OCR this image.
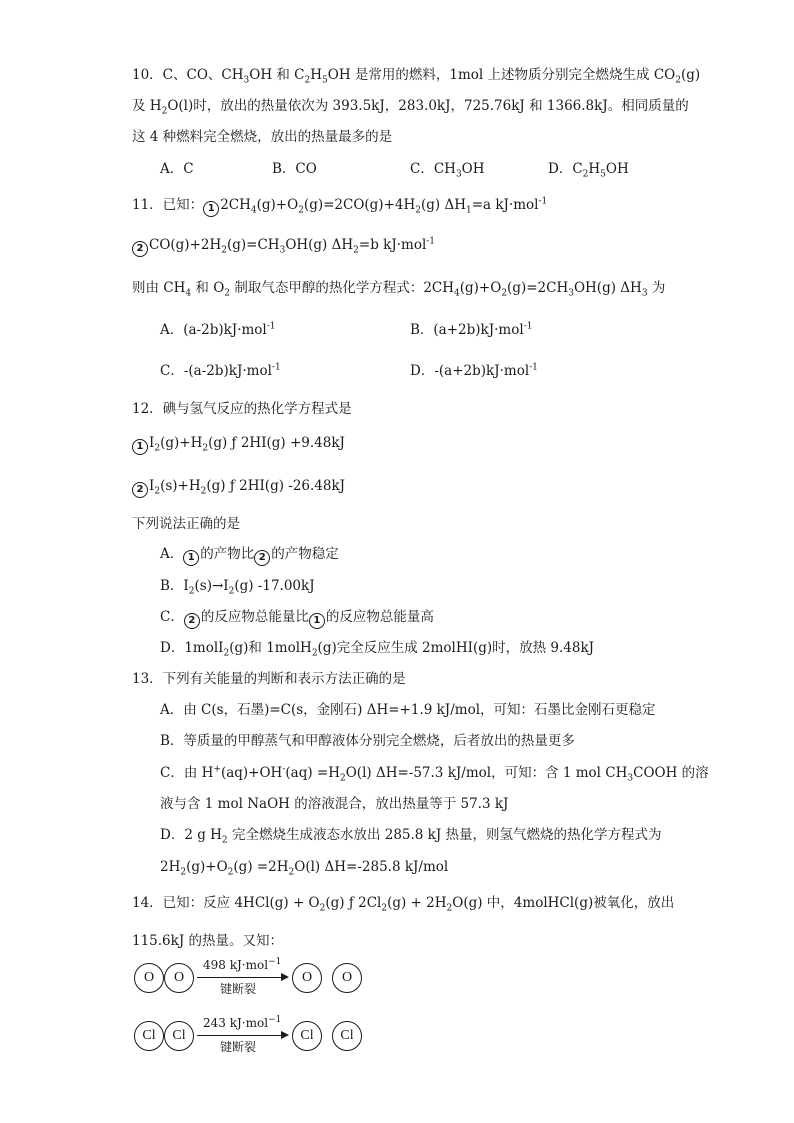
10．C、CO、$CH_3OH$ 和 $C_2H_5OH$ 是常用的燃料，1mol 上述物质分别完全燃烧生成 $CO_2(g)$
及 $H_2O(l)$时，放出的热量依次为 393.5kJ，283.0kJ，725.76kJ 和 1366.8kJ。相同质量的
这 4 种燃料完全燃烧，放出的热量最多的是
A．C	B．CO	C．$CH_3OH$	D．$C_2H_5OH$
11．已知： 1 $2CH_4(g)+O_2(g)=2CO(g)+4H_2(g)$ $\Delta H_1=a$ kJ·mol$^{-1}$
2 $CO(g)+2H_2(g)=CH_3OH(g)$ $\Delta H_2=b$ kJ·mol$^{-1}$
则由 $CH_4$ 和 $O_2$ 制取气态甲醇的热化学方程式：$2CH_4(g)+O_2(g)=2CH_3OH(g)$ $\Delta H_3$ 为
A．(a-2b)kJ·mol$^{-1}$	B．(a+2b)kJ·mol$^{-1}$
C．-(a-2b)kJ·mol$^{-1}$	D．-(a+2b)kJ·mol$^{-1}$
12．碘与氢气反应的热化学方程式是
1 $I_2(g)+H_2(g)$ ƒ 2HI(g) +9.48kJ
2 $I_2(s)+H_2(g)$ ƒ 2HI(g) -26.48kJ
下列说法正确的是
A． 1 的产物比 2 的产物稳定
B．$I_2(s)\to I_2(g)$ -17.00kJ
C． 2 的反应物总能量比 1 的反应物总能量高
D．1molI$_2$(g)和 1molH$_2$(g)完全反应生成 2molHI(g)时，放热 9.48kJ
13．下列有关能量的判断和表示方法正确的是
A．由 C(s，石墨)=C(s，金刚石) ΔH=+1.9 kJ/mol，可知：石墨比金刚石更稳定
B．等质量的甲醇蒸气和甲醇液体分别完全燃烧，后者放出的热量更多
C．由 $H^+(aq)+OH^-(aq) =H_2O(l)$ ΔH=-57.3 kJ/mol，可知：含 1 mol $CH_3COOH$ 的溶
液与含 1 mol NaOH 的溶液混合，放出热量等于 57.3 kJ
D．2 g $H_2$ 完全燃烧生成液态水放出 285.8 kJ 热量，则氢气燃烧的热化学方程式为
$2H_2(g)+O_2(g) =2H_2O(l)$ ΔH=-285.8 kJ/mol
14．已知：反应 $4HCl(g) + O_2(g)$ ƒ $2Cl_2(g) + 2H_2O(g)$ 中，4molHCl(g)被氧化，放出
115.6kJ 的热量。又知：
O	O
498 kJ·mol$^{-1}$
键断裂
O	O
Cl	Cl
243 kJ·mol$^{-1}$
键断裂
Cl	Cl
